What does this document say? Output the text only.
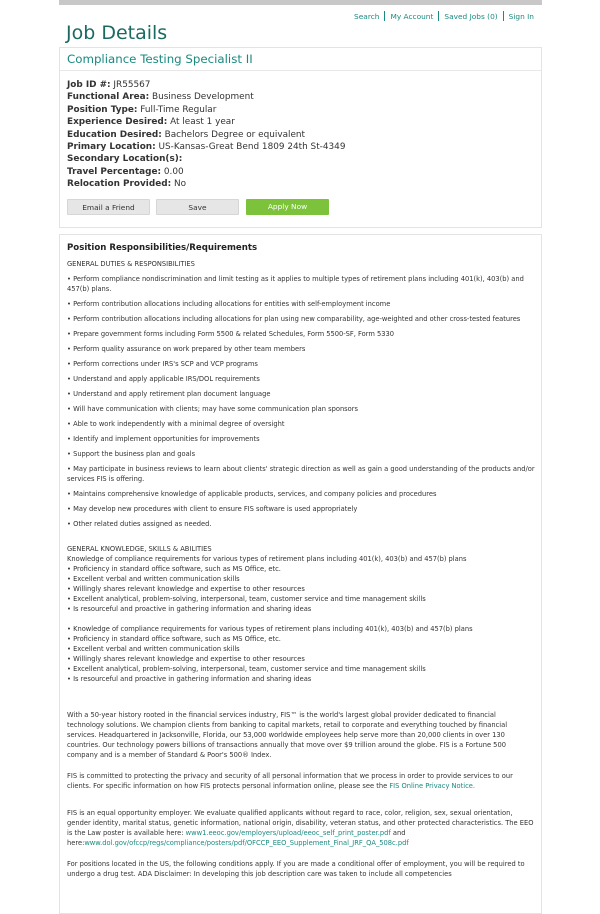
Search My Account Saved Jobs (0) Sign In
Job Details
Compliance Testing Specialist II
Job ID #: JR55567
Functional Area: Business Development
Position Type: Full-Time Regular
Experience Desired: At least 1 year
Education Desired: Bachelors Degree or equivalent
Primary Location: US-Kansas-Great Bend 1809 24th St-4349
Secondary Location(s):
Travel Percentage: 0.00
Relocation Provided: No
Email a Friend	Save	Apply Now
Position Responsibilities/Requirements

GENERAL DUTIES & RESPONSIBILITIES

• Perform compliance nondiscrimination and limit testing as it applies to multiple types of retirement plans including 401(k), 403(b) and 457(b) plans.

• Perform contribution allocations including allocations for entities with self-employment income

• Perform contribution allocations including allocations for plan using new comparability, age-weighted and other cross-tested features

• Prepare government forms including Form 5500 & related Schedules, Form 5500-SF, Form 5330

• Perform quality assurance on work prepared by other team members

• Perform corrections under IRS's SCP and VCP programs

• Understand and apply applicable IRS/DOL requirements

• Understand and apply retirement plan document language

• Will have communication with clients; may have some communication plan sponsors

• Able to work independently with a minimal degree of oversight

• Identify and implement opportunities for improvements

• Support the business plan and goals

• May participate in business reviews to learn about clients' strategic direction as well as gain a good understanding of the products and/or services FIS is offering.

• Maintains comprehensive knowledge of applicable products, services, and company policies and procedures

• May develop new procedures with client to ensure FIS software is used appropriately

• Other related duties assigned as needed.

GENERAL KNOWLEDGE, SKILLS & ABILITIES
Knowledge of compliance requirements for various types of retirement plans including 401(k), 403(b) and 457(b) plans
• Proficiency in standard office software, such as MS Office, etc.
• Excellent verbal and written communication skills
• Willingly shares relevant knowledge and expertise to other resources
• Excellent analytical, problem-solving, interpersonal, team, customer service and time management skills
• Is resourceful and proactive in gathering information and sharing ideas
• Knowledge of compliance requirements for various types of retirement plans including 401(k), 403(b) and 457(b) plans
• Proficiency in standard office software, such as MS Office, etc.
• Excellent verbal and written communication skills
• Willingly shares relevant knowledge and expertise to other resources
• Excellent analytical, problem-solving, interpersonal, team, customer service and time management skills
• Is resourceful and proactive in gathering information and sharing ideas

With a 50-year history rooted in the financial services industry, FIS™ is the world's largest global provider dedicated to financial technology solutions. We champion clients from banking to capital markets, retail to corporate and everything touched by financial services. Headquartered in Jacksonville, Florida, our 53,000 worldwide employees help serve more than 20,000 clients in over 130 countries. Our technology powers billions of transactions annually that move over $9 trillion around the globe. FIS is a Fortune 500 company and is a member of Standard & Poor's 500® Index.

FIS is committed to protecting the privacy and security of all personal information that we process in order to provide services to our clients. For specific information on how FIS protects personal information online, please see the FIS Online Privacy Notice.

FIS is an equal opportunity employer. We evaluate qualified applicants without regard to race, color, religion, sex, sexual orientation, gender identity, marital status, genetic information, national origin, disability, veteran status, and other protected characteristics. The EEO is the Law poster is available here: www1.eeoc.gov/employers/upload/eeoc_self_print_poster.pdf and
here:www.dol.gov/ofccp/regs/compliance/posters/pdf/OFCCP_EEO_Supplement_Final_JRF_QA_508c.pdf

For positions located in the US, the following conditions apply. If you are made a conditional offer of employment, you will be required to undergo a drug test. ADA Disclaimer: In developing this job description care was taken to include all competencies
